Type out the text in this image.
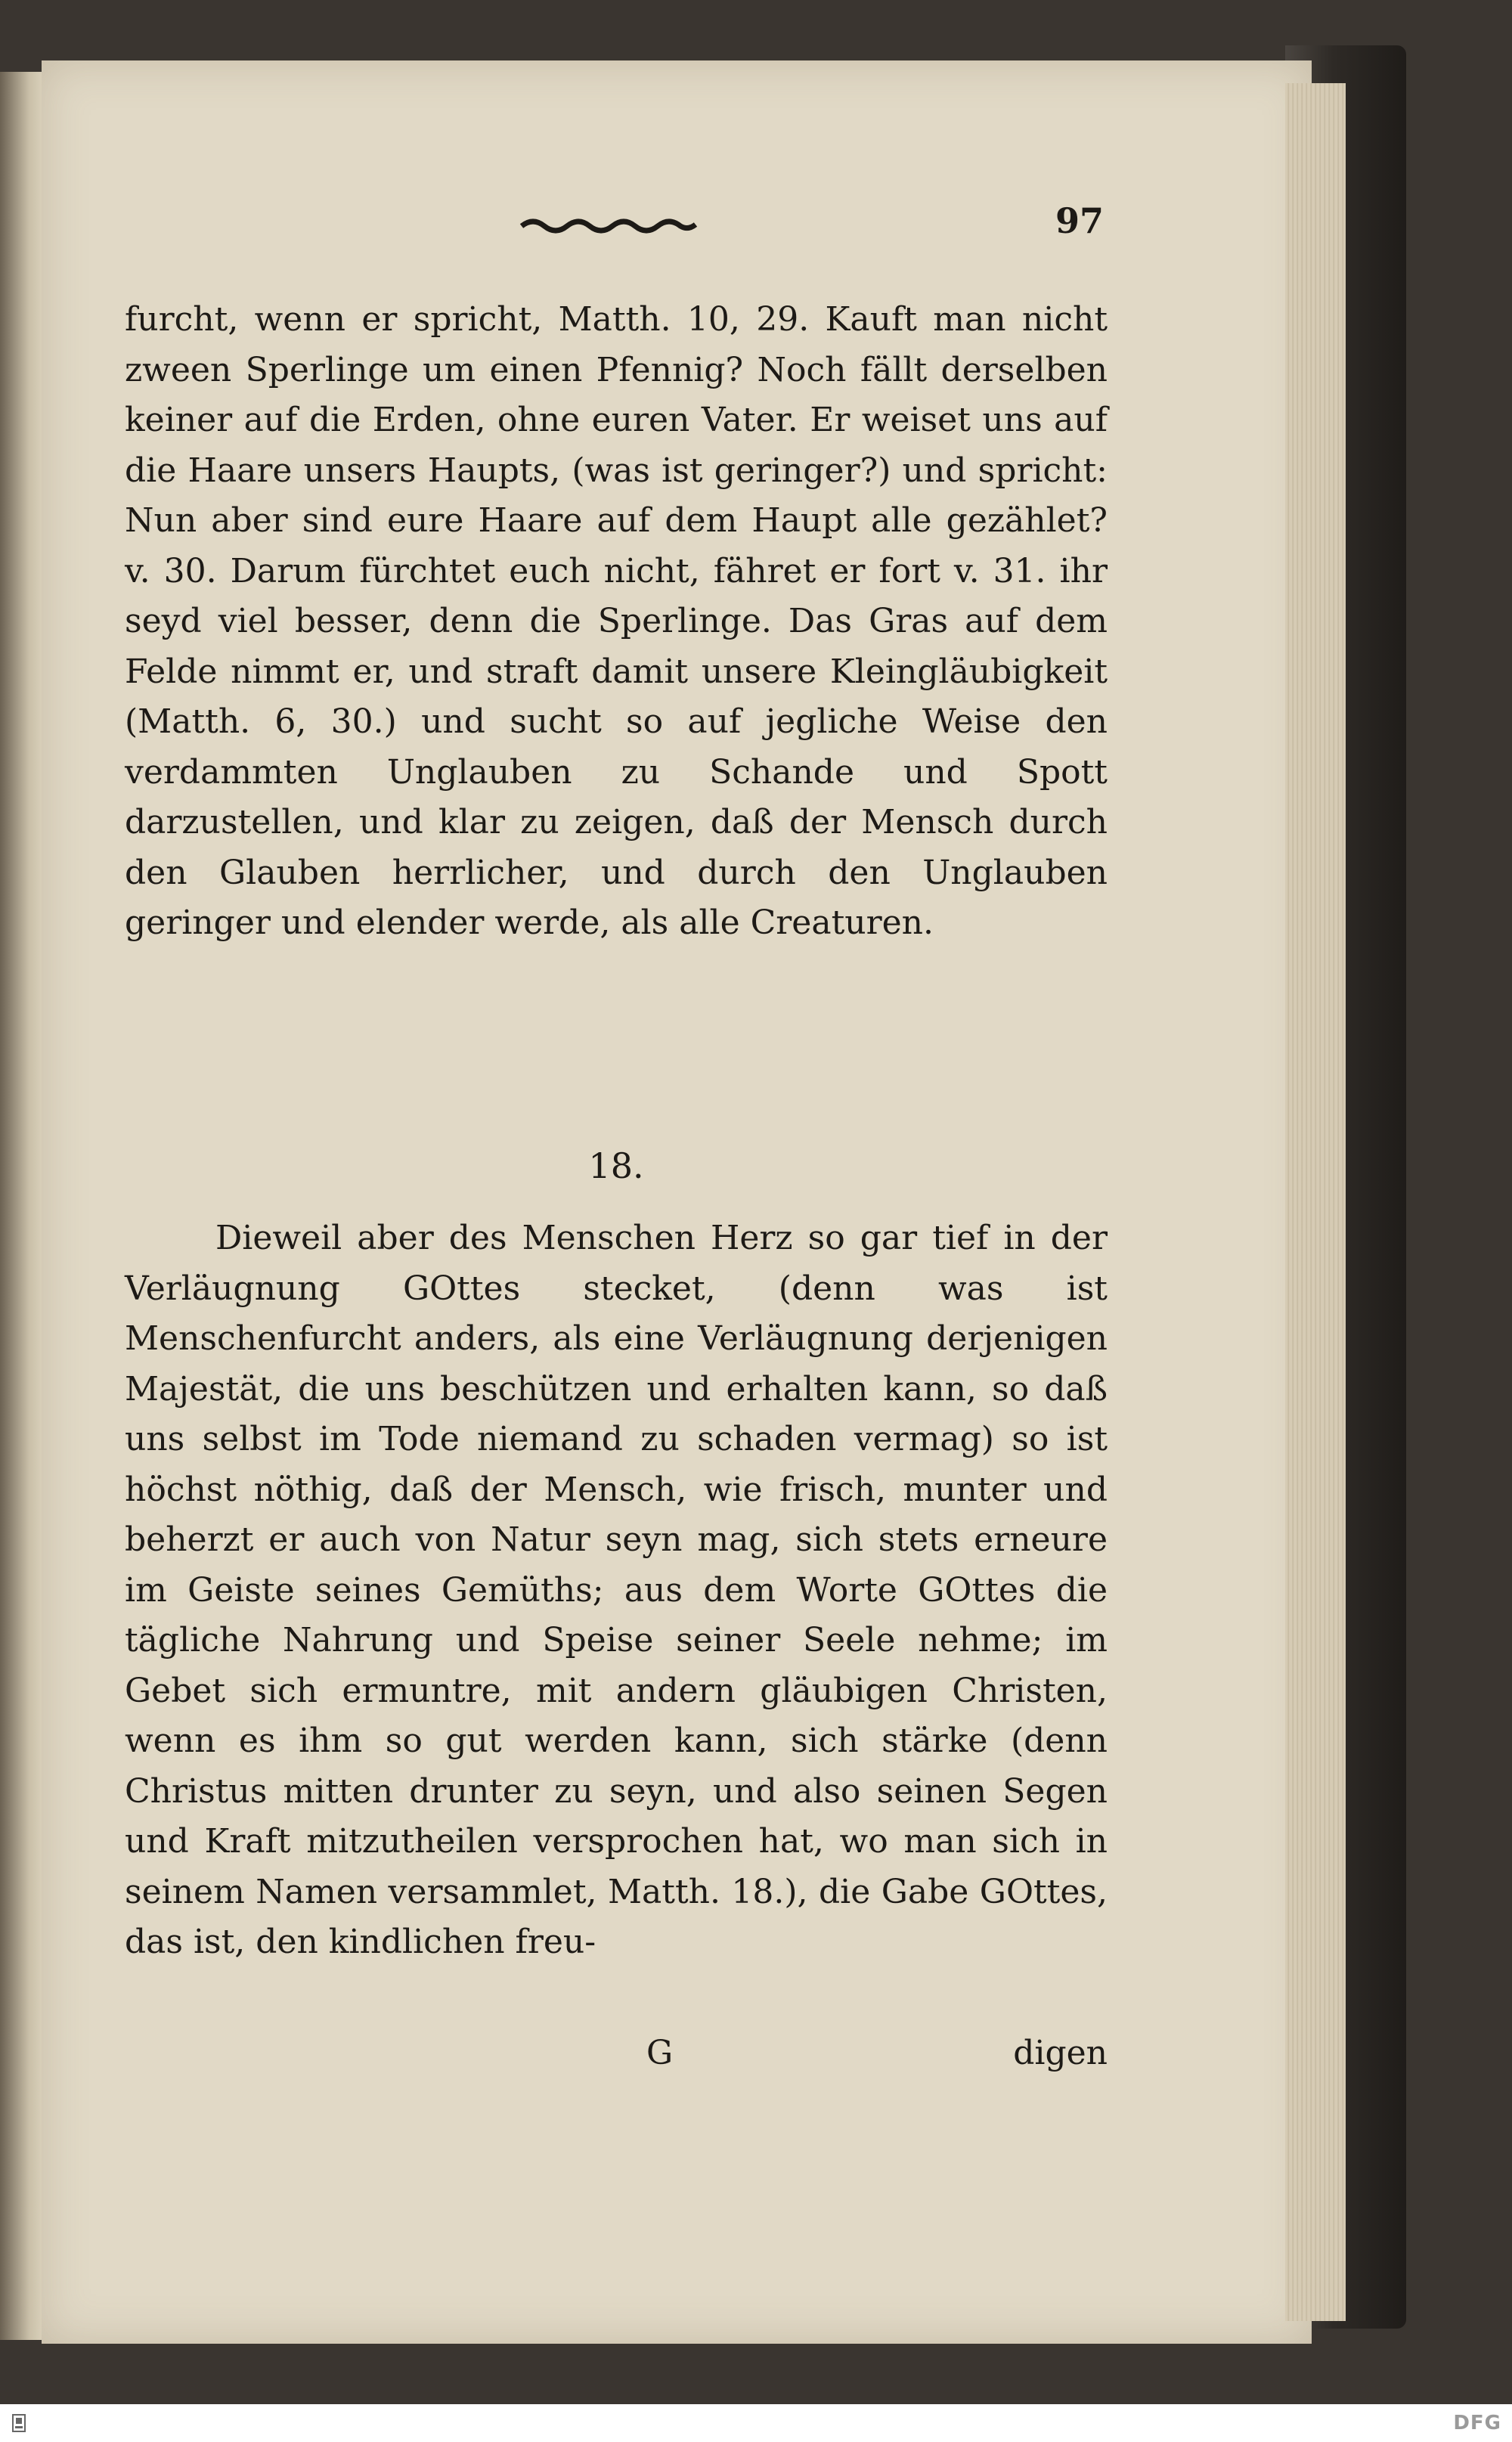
97
furcht, wenn er spricht, Matth. 10, 29. Kauft man nicht zween Sperlinge um einen Pfennig? Noch fällt derselben keiner auf die Erden, ohne euren Vater. Er weiset uns auf die Haare unsers Haupts, (was ist geringer?) und spricht: Nun aber sind eure Haare auf dem Haupt alle gezählet? v. 30. Darum fürchtet euch nicht, fähret er fort v. 31. ihr seyd viel besser, denn die Sperlinge. Das Gras auf dem Felde nimmt er, und straft damit unsere Kleingläubigkeit (Matth. 6, 30.) und sucht so auf jegliche Weise den verdammten Unglauben zu Schande und Spott darzustellen, und klar zu zeigen, daß der Mensch durch den Glauben herrlicher, und durch den Unglauben geringer und elender werde, als alle Creaturen.
18.
Dieweil aber des Menschen Herz so gar tief in der Verläugnung GOttes stecket, (denn was ist Menschenfurcht anders, als eine Verläugnung derjenigen Majestät, die uns beschützen und erhalten kann, so daß uns selbst im Tode niemand zu schaden vermag) so ist höchst nöthig, daß der Mensch, wie frisch, munter und beherzt er auch von Natur seyn mag, sich stets erneure im Geiste seines Gemüths; aus dem Worte GOttes die tägliche Nahrung und Speise seiner Seele nehme; im Gebet sich ermuntre, mit andern gläubigen Christen, wenn es ihm so gut werden kann, sich stärke (denn Christus mitten drunter zu seyn, und also seinen Segen und Kraft mitzutheilen versprochen hat, wo man sich in seinem Namen versammlet, Matth. 18.), die Gabe GOttes, das ist, den kindlichen freu-
G	digen
DFG
